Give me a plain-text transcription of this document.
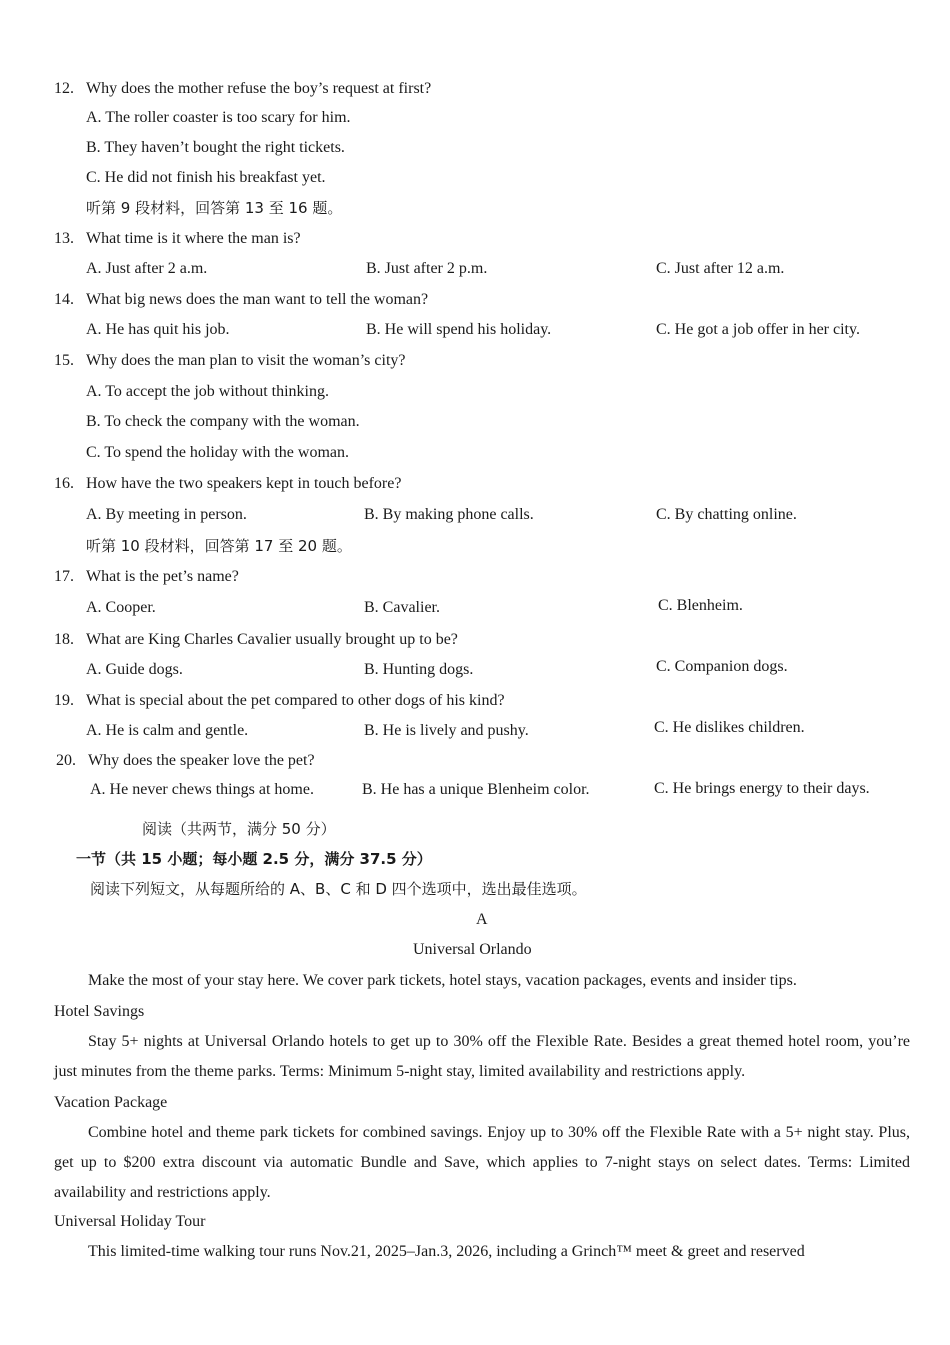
12. Why does the mother refuse the boy’s request at first?
A. The roller coaster is too scary for him.
B. They haven’t bought the right tickets.
C. He did not finish his breakfast yet.
听第 9 段材料，回答第 13 至 16 题。
13. What time is it where the man is?
A. Just after 2 a.m.	B. Just after 2 p.m.	C. Just after 12 a.m.
14. What big news does the man want to tell the woman?
A. He has quit his job.	B. He will spend his holiday.	C. He got a job offer in her city.
15. Why does the man plan to visit the woman’s city?
A. To accept the job without thinking.
B. To check the company with the woman.
C. To spend the holiday with the woman.
16. How have the two speakers kept in touch before?
A. By meeting in person.	B. By making phone calls.	C. By chatting online.
听第 10 段材料，回答第 17 至 20 题。
17. What is the pet’s name?
A. Cooper.	B. Cavalier.	C. Blenheim.
18. What are King Charles Cavalier usually brought up to be?
A. Guide dogs.	B. Hunting dogs.	C. Companion dogs.
19. What is special about the pet compared to other dogs of his kind?
A. He is calm and gentle.	B. He is lively and pushy.	C. He dislikes children.
20. Why does the speaker love the pet?
A. He never chews things at home.	B. He has a unique Blenheim color.	C. He brings energy to their days.
阅读（共两节，满分 50 分）
一节（共 15 小题；每小题 2.5 分，满分 37.5 分）
阅读下列短文，从每题所给的 A、B、C 和 D 四个选项中，选出最佳选项。
A
Universal Orlando
Make the most of your stay here. We cover park tickets, hotel stays, vacation packages, events and insider tips.
Hotel Savings
Stay 5+ nights at Universal Orlando hotels to get up to 30% off the Flexible Rate. Besides a great themed hotel room, you’re just minutes from the theme parks. Terms: Minimum 5-night stay, limited availability and restrictions apply.
Vacation Package
Combine hotel and theme park tickets for combined savings. Enjoy up to 30% off the Flexible Rate with a 5+ night stay. Plus, get up to $200 extra discount via automatic Bundle and Save, which applies to 7-night stays on select dates. Terms: Limited availability and restrictions apply.
Universal Holiday Tour
This limited-time walking tour runs Nov.21, 2025–Jan.3, 2026, including a Grinch™ meet & greet and reserved
